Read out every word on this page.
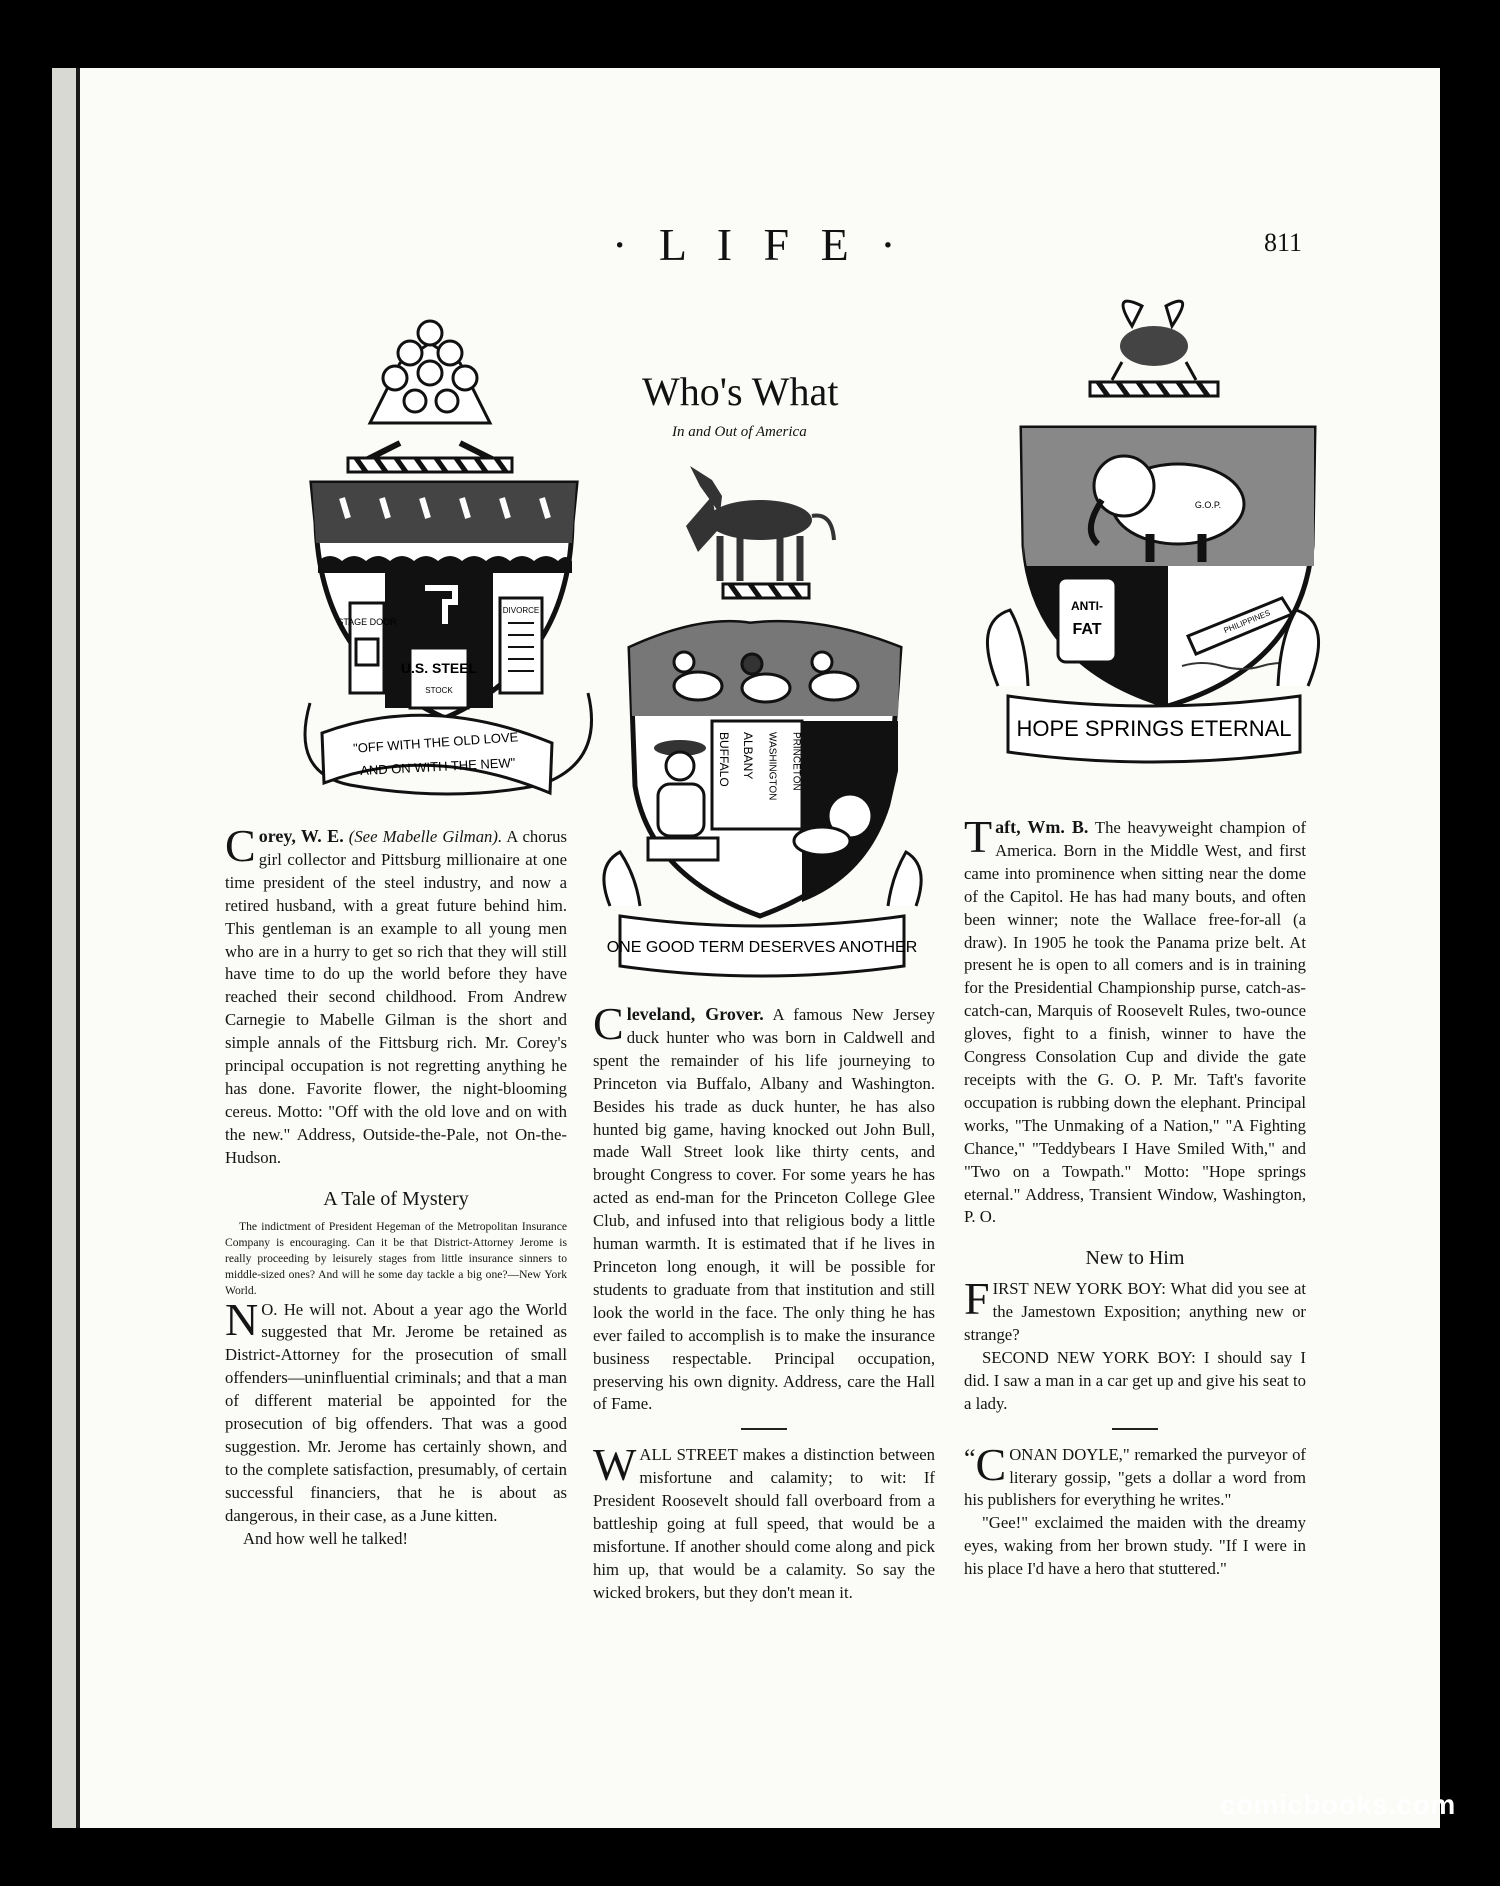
· L I F E ·	811
Who's What
In and Out of America
STAGE DOOR
DIVORCE
U.S. STEEL
STOCK
"OFF WITH THE OLD LOVE
AND ON WITH THE NEW"	BUFFALO ALBANY WASHINGTON PRINCETON
ONE GOOD TERM DESERVES ANOTHER
G.O.P.
ANTI-
FAT	PHILIPPINES
HOPE SPRINGS ETERNAL

Corey, W. E. (See Mabelle Gilman). A chorus girl collector and Pittsburg millionaire at one time president of the steel industry, and now a retired husband, with a great future behind him. This gentleman is an example to all young men who are in a hurry to get so rich that they will still have time to do up the world before they have reached their second childhood. From Andrew Carnegie to Mabelle Gilman is the short and simple annals of the Fittsburg rich. Mr. Corey's principal occupation is not regretting anything he has done. Favorite flower, the night-blooming cereus. Motto: "Off with the old love and on with the new." Address, Outside-the-Pale, not On-the-Hudson.

A Tale of Mystery

The indictment of President Hegeman of the Metropolitan Insurance Company is encouraging. Can it be that District-Attorney Jerome is really proceeding by leisurely stages from little insurance sinners to middle-sized ones? And will he some day tackle a big one?—New York World.

N O. He will not. About a year ago the World suggested that Mr. Jerome be retained as District-Attorney for the prosecution of small offenders—uninfluential criminals; and that a man of different material be appointed for the prosecution of big offenders. That was a good suggestion. Mr. Jerome has certainly shown, and to the complete satisfaction, presumably, of certain successful financiers, that he is about as dangerous, in their case, as a June kitten.

And how well he talked!

Cleveland, Grover. A famous New Jersey duck hunter who was born in Caldwell and spent the remainder of his life journeying to Princeton via Buffalo, Albany and Washington. Besides his trade as duck hunter, he has also hunted big game, having knocked out John Bull, made Wall Street look like thirty cents, and brought Congress to cover. For some years he has acted as end-man for the Princeton College Glee Club, and infused into that religious body a little human warmth. It is estimated that if he lives in Princeton long enough, it will be possible for students to graduate from that institution and still look the world in the face. The only thing he has ever failed to accomplish is to make the insurance business respectable. Principal occupation, preserving his own dignity. Address, care the Hall of Fame.

WALL STREET makes a distinction between misfortune and calamity; to wit: If President Roosevelt should fall overboard from a battleship going at full speed, that would be a misfortune. If another should come along and pick him up, that would be a calamity. So say the wicked brokers, but they don't mean it.

Taft, Wm. B. The heavyweight champion of America. Born in the Middle West, and first came into prominence when sitting near the dome of the Capitol. He has had many bouts, and often been winner; note the Wallace free-for-all (a draw). In 1905 he took the Panama prize belt. At present he is open to all comers and is in training for the Presidential Championship purse, catch-as-catch-can, Marquis of Roosevelt Rules, two-ounce gloves, fight to a finish, winner to have the Congress Consolation Cup and divide the gate receipts with the G. O. P. Mr. Taft's favorite occupation is rubbing down the elephant. Principal works, "The Unmaking of a Nation," "A Fighting Chance," "Teddybears I Have Smiled With," and "Two on a Towpath." Motto: "Hope springs eternal." Address, Transient Window, Washington, P. O.

New to Him

FIRST NEW YORK BOY: What did you see at the Jamestown Exposition; anything new or strange?

SECOND NEW YORK BOY: I should say I did. I saw a man in a car get up and give his seat to a lady.

“ C ONAN DOYLE," remarked the purveyor of literary gossip, "gets a dollar a word from his publishers for everything he writes."

"Gee!" exclaimed the maiden with the dreamy eyes, waking from her brown study. "If I were in his place I'd have a hero that stuttered."

comicbooks.com
